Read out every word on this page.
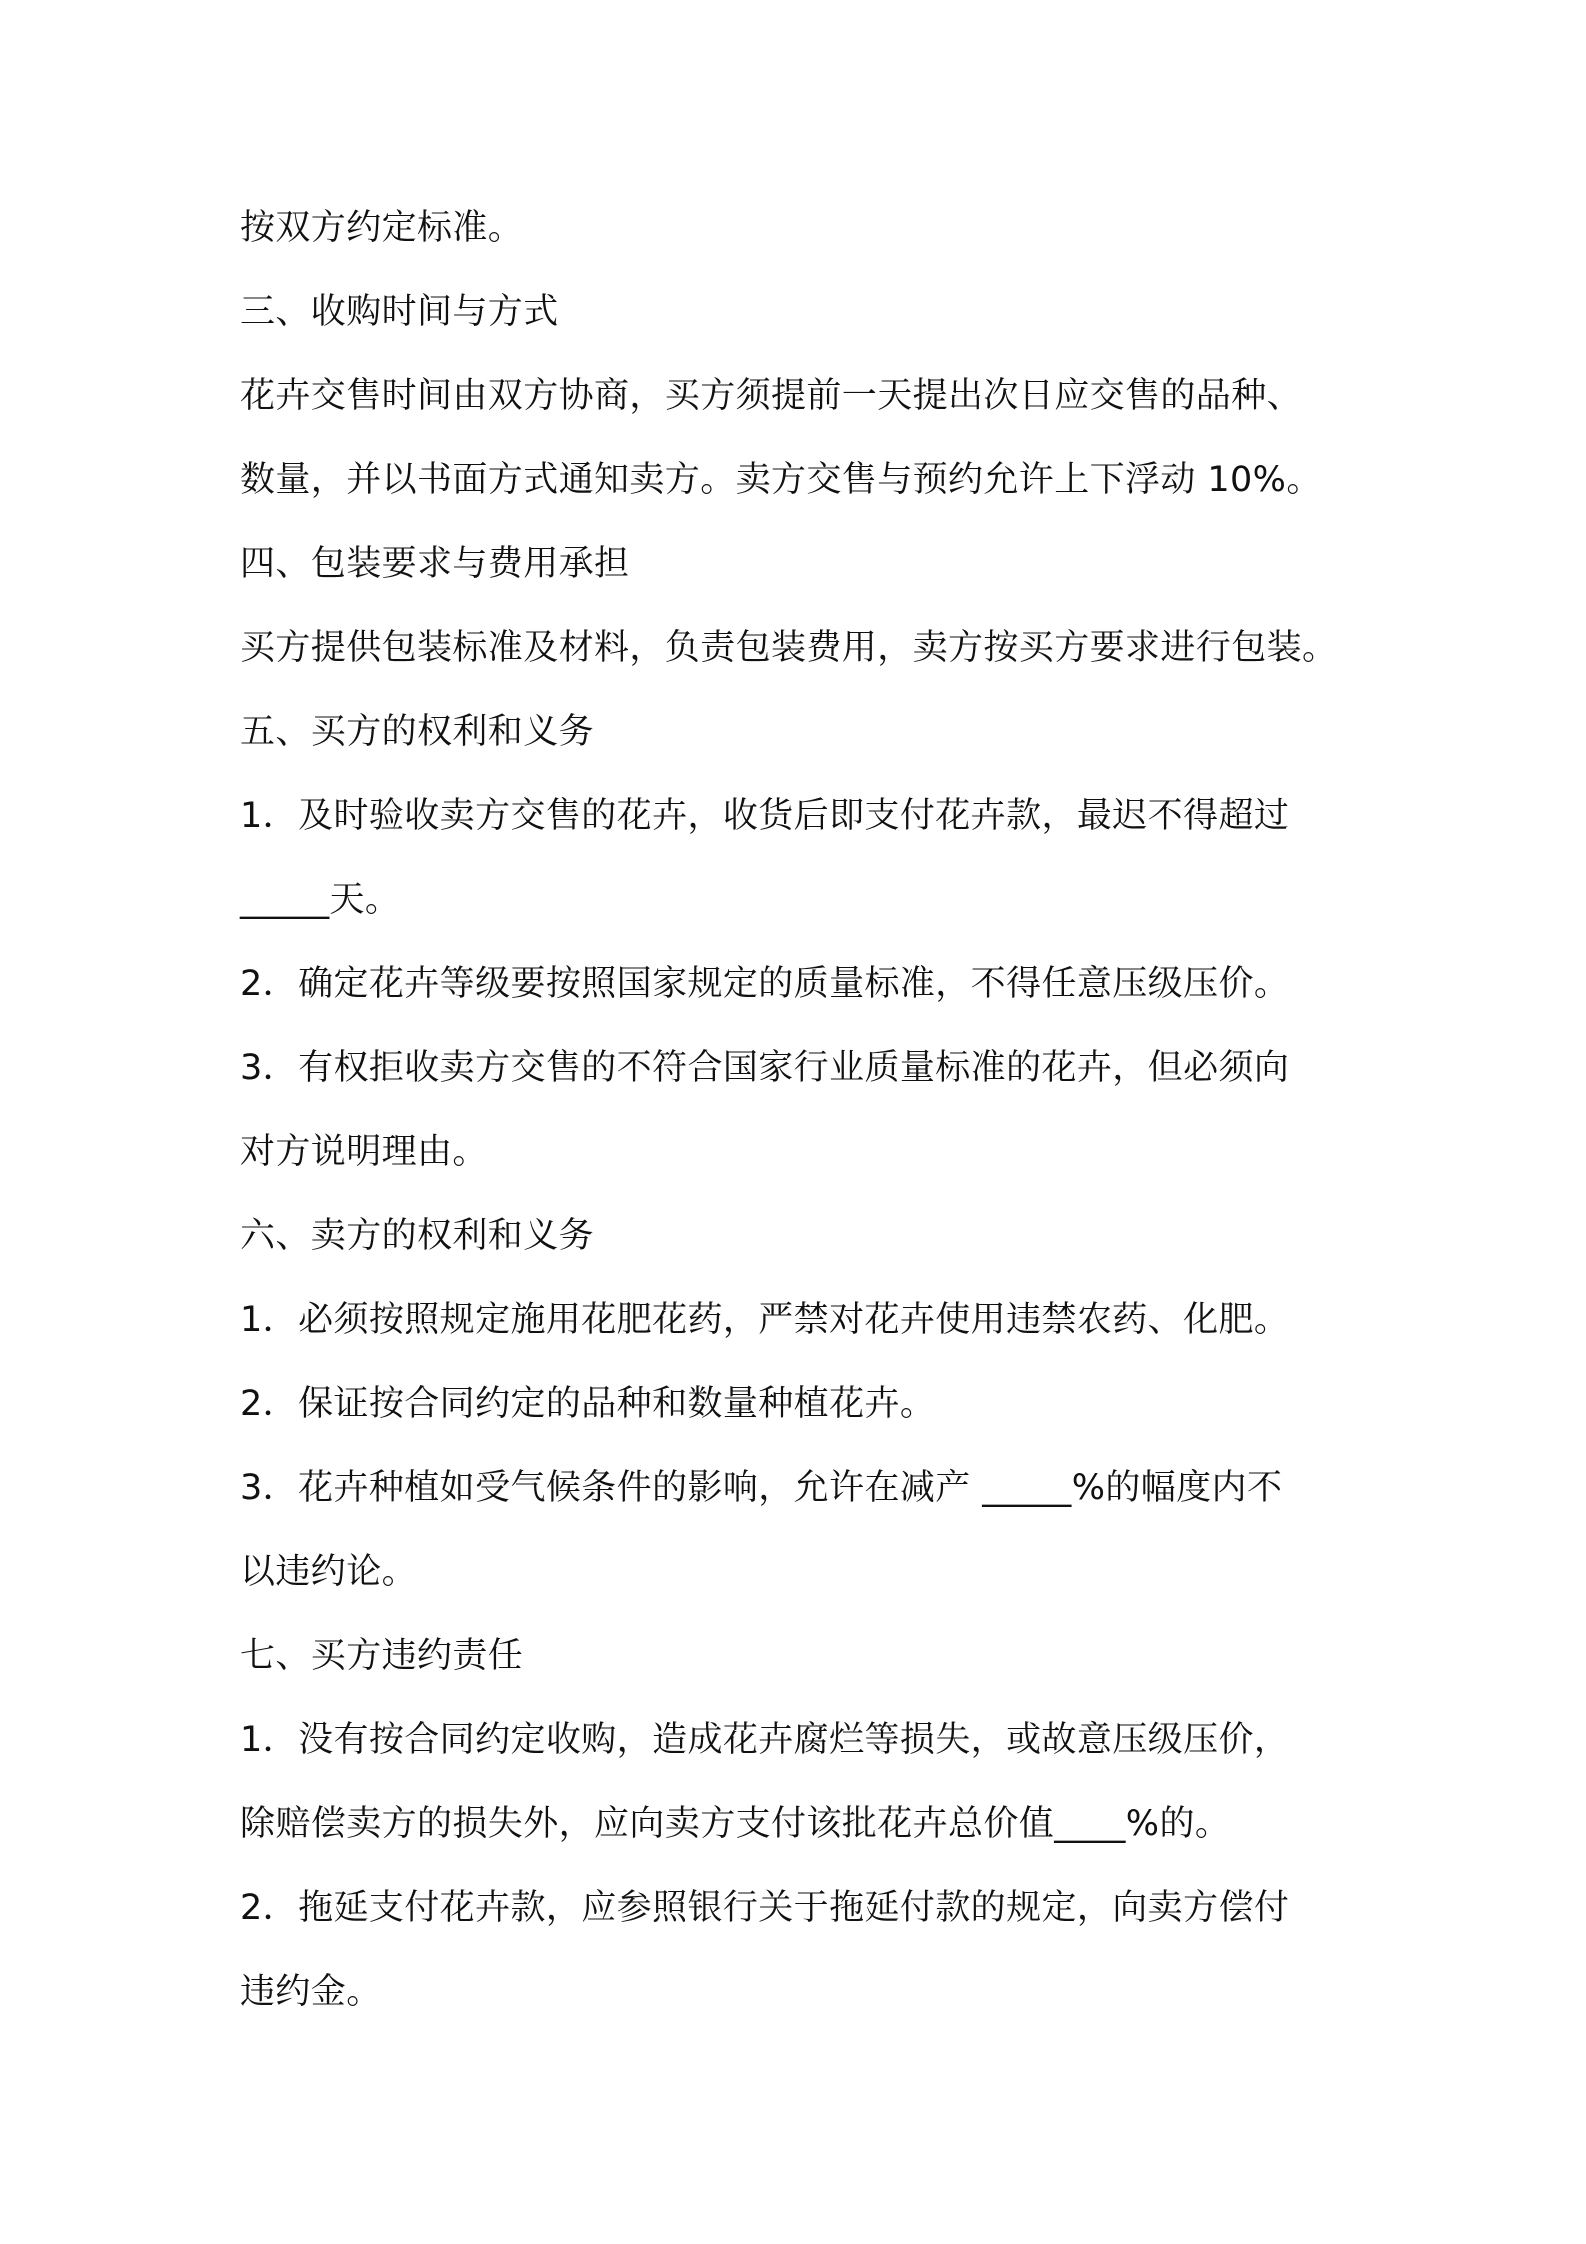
按双方约定标准。
三、收购时间与方式
花卉交售时间由双方协商，买方须提前一天提出次日应交售的品种、
数量，并以书面方式通知卖方。卖方交售与预约允许上下浮动 10%。
四、包装要求与费用承担
买方提供包装标准及材料，负责包装费用，卖方按买方要求进行包装。
五、买方的权利和义务
1．及时验收卖方交售的花卉，收货后即支付花卉款，最迟不得超过
_____天。
2．确定花卉等级要按照国家规定的质量标准，不得任意压级压价。
3．有权拒收卖方交售的不符合国家行业质量标准的花卉，但必须向
对方说明理由。
六、卖方的权利和义务
1．必须按照规定施用花肥花药，严禁对花卉使用违禁农药、化肥。
2．保证按合同约定的品种和数量种植花卉。
3．花卉种植如受气候条件的影响，允许在减产 _____%的幅度内不
以违约论。
七、买方违约责任
1．没有按合同约定收购，造成花卉腐烂等损失，或故意压级压价，
除赔偿卖方的损失外，应向卖方支付该批花卉总价值____%的。
2．拖延支付花卉款，应参照银行关于拖延付款的规定，向卖方偿付
违约金。
